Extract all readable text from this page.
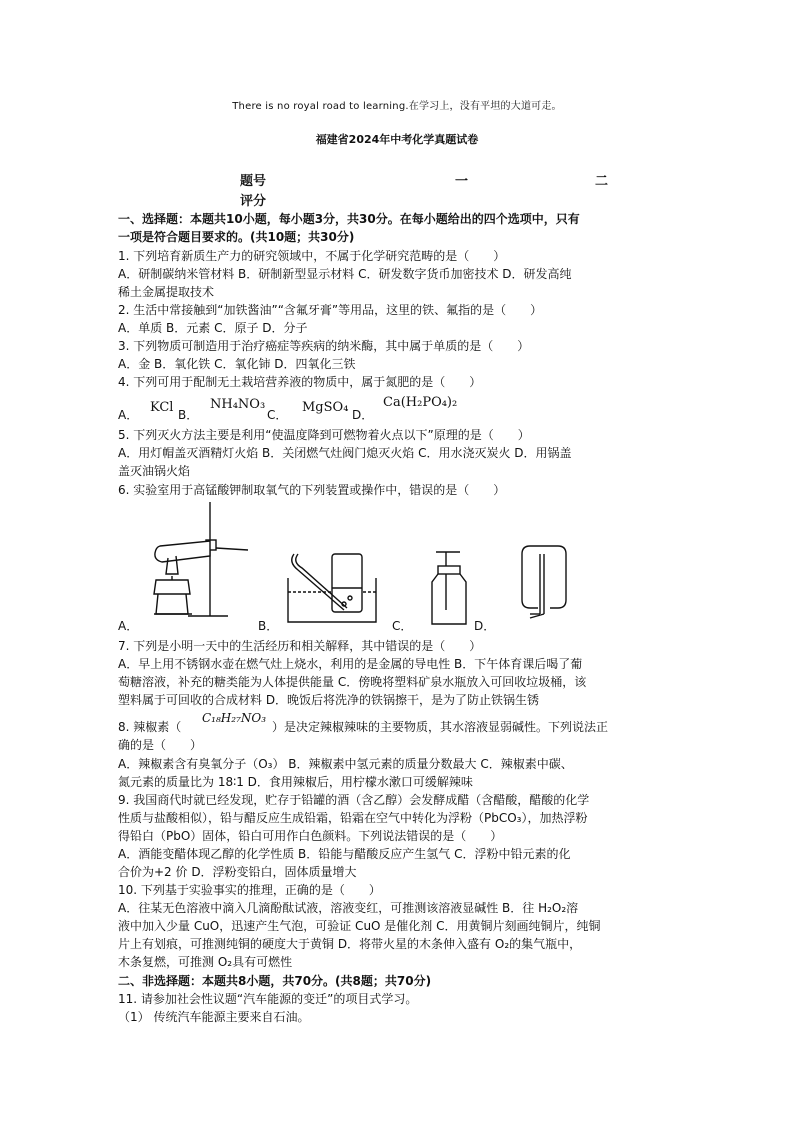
There is no royal road to learning.在学习上，没有平坦的大道可走。
福建省2024年中考化学真题试卷
题号	一	二
评分
一、选择题：本题共10小题，每小题3分，共30分。在每小题给出的四个选项中，只有
一项是符合题目要求的。(共10题；共30分)
1. 下列培育新质生产力的研究领域中，不属于化学研究范畴的是（　　）
A．研制碳纳米管材料 B．研制新型显示材料 C．研发数字货币加密技术 D．研发高纯
稀土金属提取技术
2. 生活中常接触到“加铁酱油”“含氟牙膏”等用品，这里的铁、氟指的是（　　）
A．单质 B．元素 C．原子 D．分子
3. 下列物质可制造用于治疗癌症等疾病的纳米酶，其中属于单质的是（　　）
A．金 B．氧化铁 C．氧化铈 D．四氧化三铁
4. 下列可用于配制无土栽培营养液的物质中，属于氮肥的是（　　）
A． KCl B．
NH₄NO₃
C． MgSO₄ D．
Ca(H₂PO₄)₂
5. 下列灭火方法主要是利用“使温度降到可燃物着火点以下”原理的是（　　）
A．用灯帽盖灭酒精灯火焰 B．关闭燃气灶阀门熄灭火焰 C．用水浇灭炭火 D．用锅盖
盖灭油锅火焰
6. 实验室用于高锰酸钾制取氧气的下列装置或操作中，错误的是（　　）
A．	B．	C．	D．
7. 下列是小明一天中的生活经历和相关解释，其中错误的是（　　）
A．早上用不锈钢水壶在燃气灶上烧水，利用的是金属的导电性 B．下午体育课后喝了葡
萄糖溶液，补充的糖类能为人体提供能量 C．傍晚将塑料矿泉水瓶放入可回收垃圾桶，该
塑料属于可回收的合成材料 D．晚饭后将洗净的铁锅擦干，是为了防止铁锅生锈
8. 辣椒素（
C₁₈H₂₇NO₃
）是决定辣椒辣味的主要物质，其水溶液显弱碱性。下列说法正
确的是（　　）
A．辣椒素含有臭氧分子（O₃） B．辣椒素中氢元素的质量分数最大 C．辣椒素中碳、
氮元素的质量比为 18∶1 D．食用辣椒后，用柠檬水漱口可缓解辣味
9. 我国商代时就已经发现，贮存于铅罐的酒（含乙醇）会发酵成醋（含醋酸，醋酸的化学
性质与盐酸相似），铅与醋反应生成铅霜，铅霜在空气中转化为浮粉（PbCO₃），加热浮粉
得铅白（PbO）固体，铅白可用作白色颜料。下列说法错误的是（　　）
A．酒能变醋体现乙醇的化学性质 B．铅能与醋酸反应产生氢气 C．浮粉中铅元素的化
合价为+2 价 D．浮粉变铅白，固体质量增大
10. 下列基于实验事实的推理，正确的是（　　）
A．往某无色溶液中滴入几滴酚酞试液，溶液变红，可推测该溶液显碱性 B．往 H₂O₂溶
液中加入少量 CuO，迅速产生气泡，可验证 CuO 是催化剂 C．用黄铜片刻画纯铜片，纯铜
片上有划痕，可推测纯铜的硬度大于黄铜 D．将带火星的木条伸入盛有 O₂的集气瓶中，
木条复燃，可推测 O₂具有可燃性
二、非选择题：本题共8小题，共70分。(共8题；共70分)
11. 请参加社会性议题“汽车能源的变迁”的项目式学习。
（1） 传统汽车能源主要来自石油。
